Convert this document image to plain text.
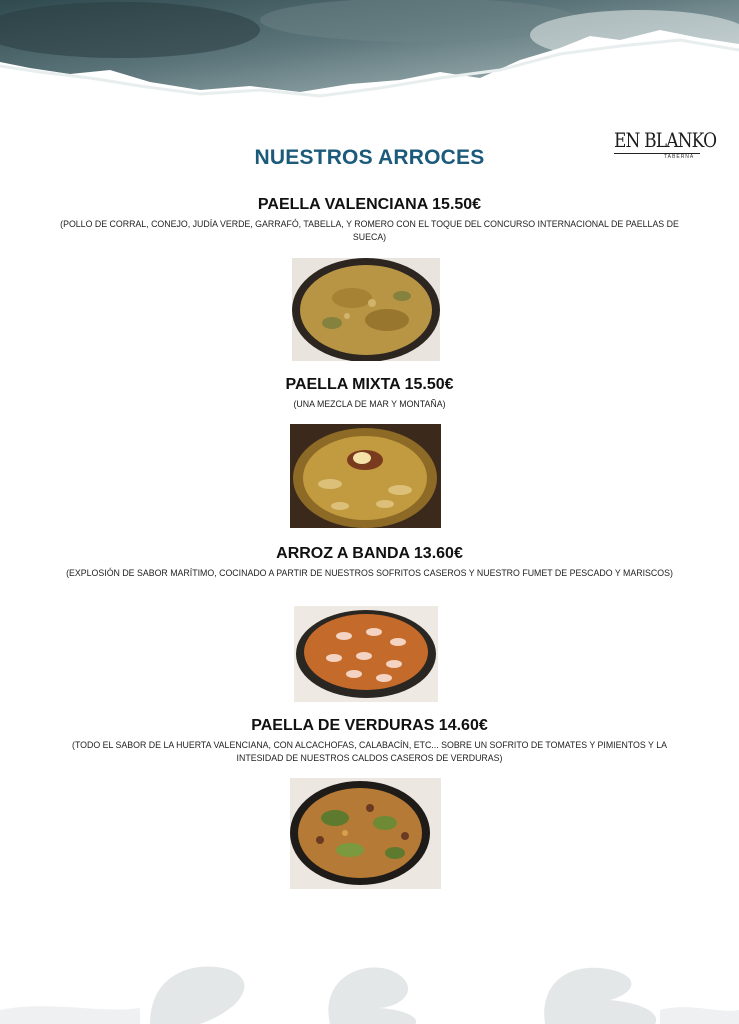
EN BLANKO
TABERNA
NUESTROS ARROCES
PAELLA VALENCIANA 15.50€
(POLLO DE CORRAL, CONEJO, JUDÍA VERDE, GARRAFÓ, TABELLA, Y ROMERO CON EL TOQUE DEL CONCURSO INTERNACIONAL DE PAELLAS DE SUECA)
PAELLA MIXTA 15.50€
(UNA MEZCLA DE MAR Y MONTAÑA)
ARROZ A BANDA 13.60€
(EXPLOSIÓN DE SABOR MARÍTIMO, COCINADO A PARTIR DE NUESTROS SOFRITOS CASEROS Y NUESTRO FUMET DE PESCADO Y MARISCOS)
PAELLA DE VERDURAS 14.60€
(TODO EL SABOR DE LA HUERTA VALENCIANA, CON ALCACHOFAS, CALABACÍN, ETC... SOBRE UN SOFRITO DE TOMATES Y PIMIENTOS Y LA INTESIDAD DE NUESTROS CALDOS CASEROS DE VERDURAS)
